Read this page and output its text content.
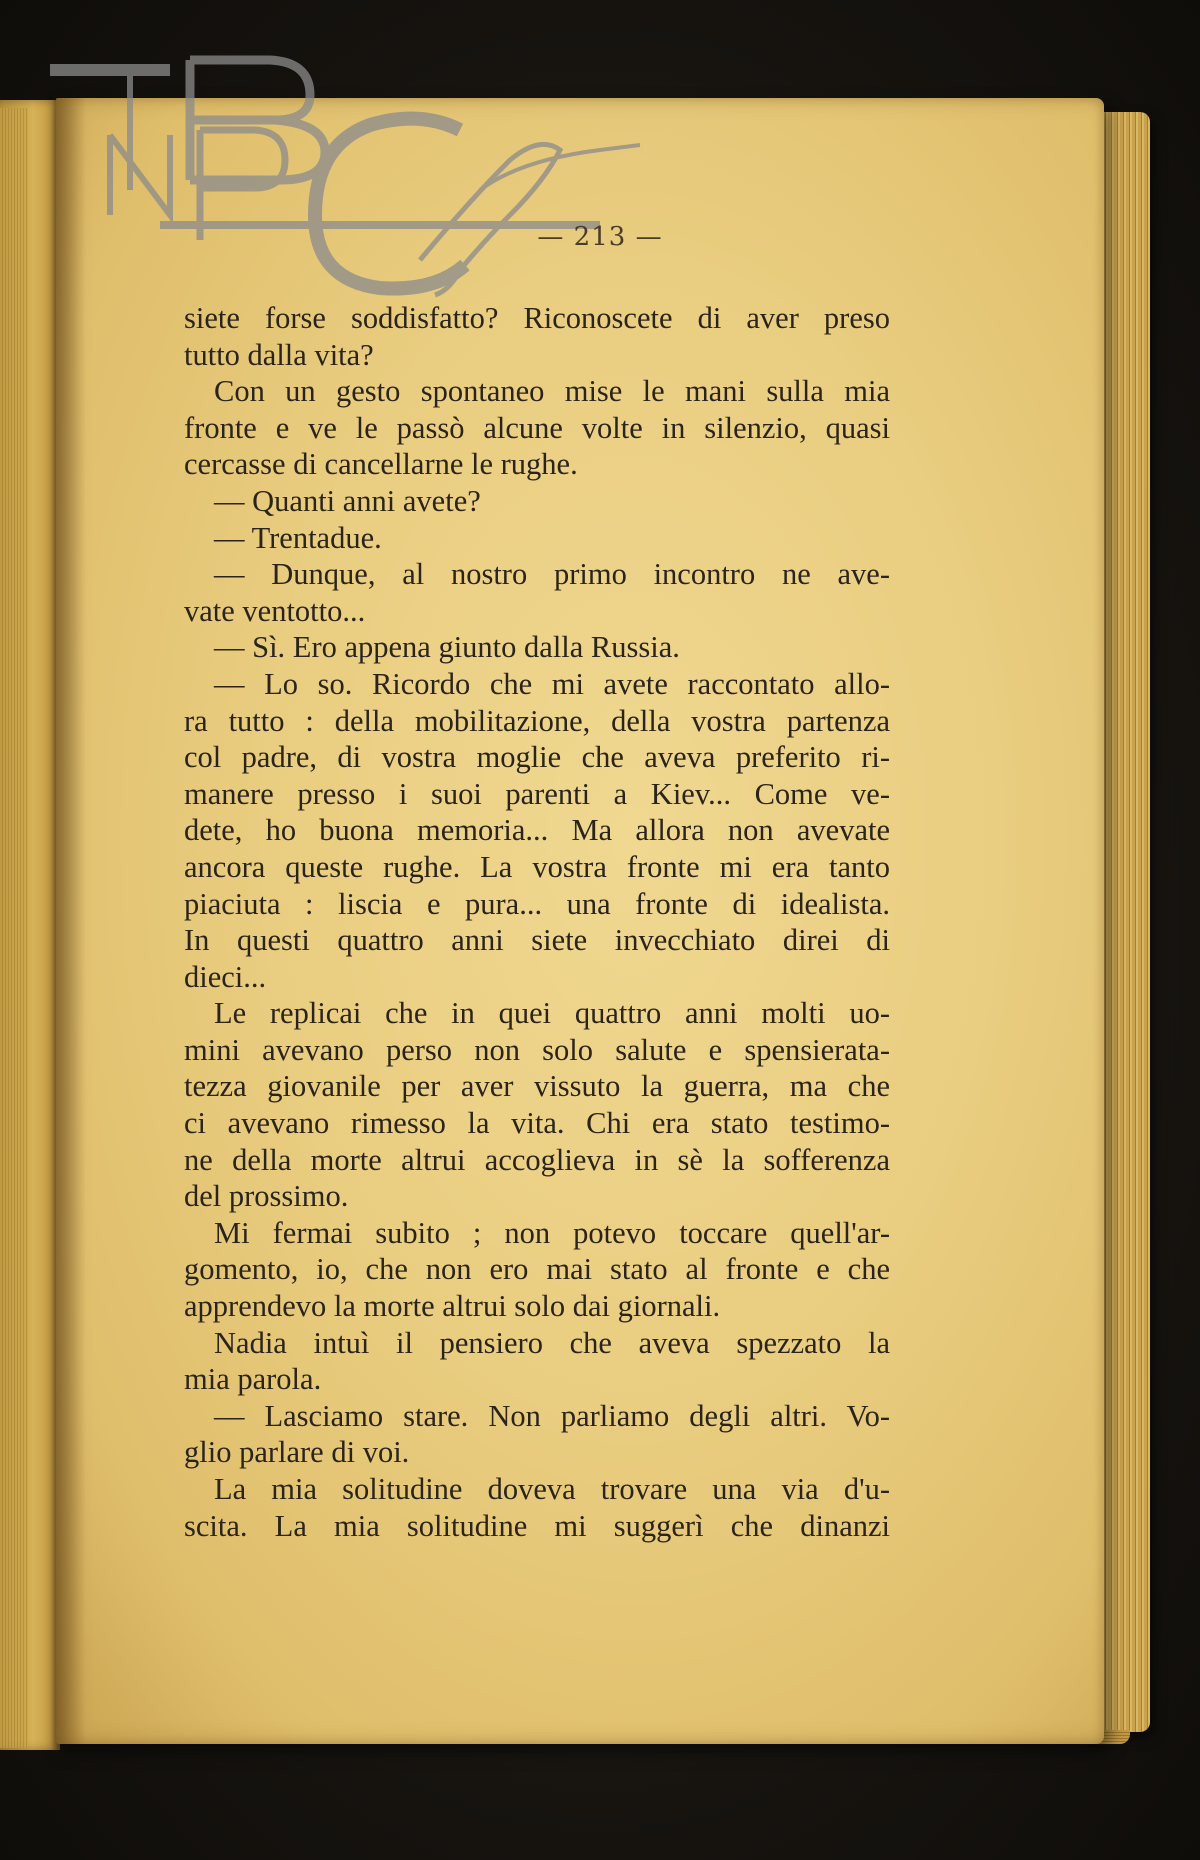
— 213 —
siete forse soddisfatto? Riconoscete di aver preso
tutto dalla vita?
Con un gesto spontaneo mise le mani sulla mia
fronte e ve le passò alcune volte in silenzio, quasi
cercasse di cancellarne le rughe.
— Quanti anni avete?
— Trentadue.
— Dunque, al nostro primo incontro ne ave-
vate ventotto...
— Sì. Ero appena giunto dalla Russia.
— Lo so. Ricordo che mi avete raccontato allo-
ra tutto : della mobilitazione, della vostra partenza
col padre, di vostra moglie che aveva preferito ri-
manere presso i suoi parenti a Kiev... Come ve-
dete, ho buona memoria... Ma allora non avevate
ancora queste rughe. La vostra fronte mi era tanto
piaciuta : liscia e pura... una fronte di idealista.
In questi quattro anni siete invecchiato direi di
dieci...
Le replicai che in quei quattro anni molti uo-
mini avevano perso non solo salute e spensierata-
tezza giovanile per aver vissuto la guerra, ma che
ci avevano rimesso la vita. Chi era stato testimo-
ne della morte altrui accoglieva in sè la sofferenza
del prossimo.
Mi fermai subito ; non potevo toccare quell'ar-
gomento, io, che non ero mai stato al fronte e che
apprendevo la morte altrui solo dai giornali.
Nadia intuì il pensiero che aveva spezzato la
mia parola.
— Lasciamo stare. Non parliamo degli altri. Vo-
glio parlare di voi.
La mia solitudine doveva trovare una via d'u-
scita. La mia solitudine mi suggerì che dinanzi
